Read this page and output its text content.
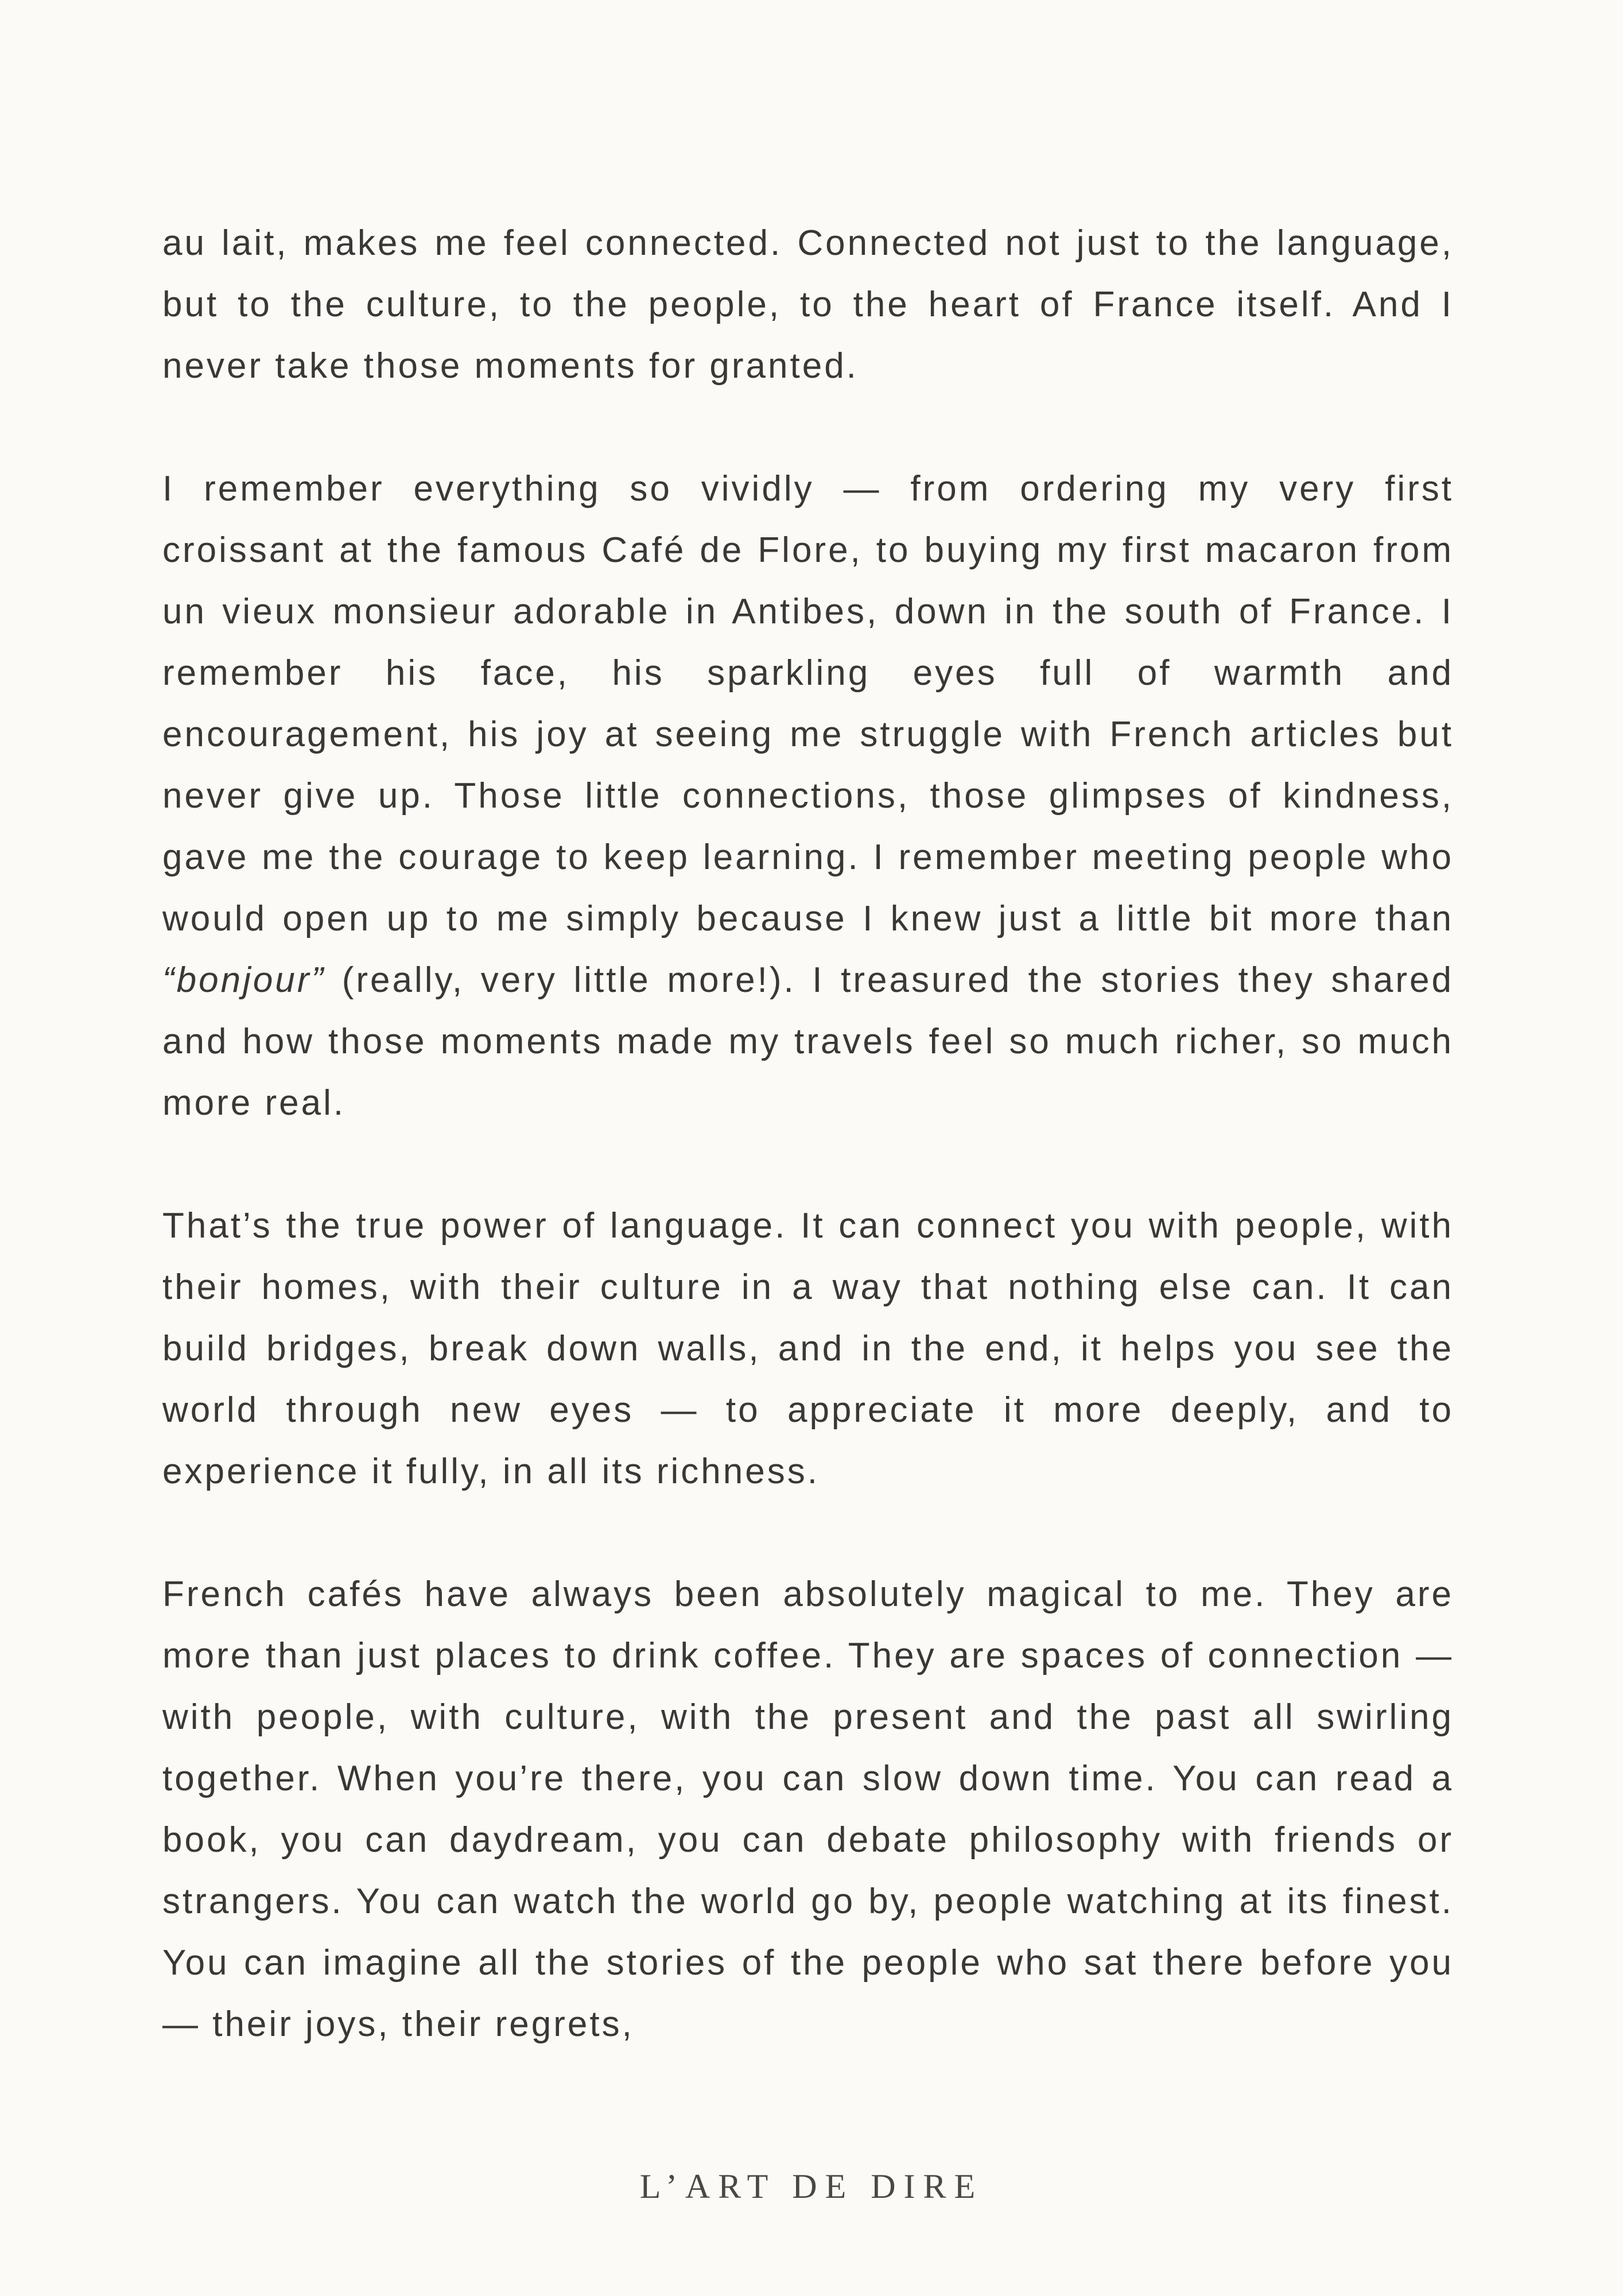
au lait, makes me feel connected. Connected not just to the language, but to the culture, to the people, to the heart of France itself. And I never take those moments for granted.

I remember everything so vividly — from ordering my very first croissant at the famous Café de Flore, to buying my first macaron from un vieux monsieur adorable in Antibes, down in the south of France. I remember his face, his sparkling eyes full of warmth and encouragement, his joy at seeing me struggle with French articles but never give up. Those little connections, those glimpses of kindness, gave me the courage to keep learning. I remember meeting people who would open up to me simply because I knew just a little bit more than “bonjour” (really, very little more!). I treasured the stories they shared and how those moments made my travels feel so much richer, so much more real.

That’s the true power of language. It can connect you with people, with their homes, with their culture in a way that nothing else can. It can build bridges, break down walls, and in the end, it helps you see the world through new eyes — to appreciate it more deeply, and to experience it fully, in all its richness.

French cafés have always been absolutely magical to me. They are more than just places to drink coffee. They are spaces of connection — with people, with culture, with the present and the past all swirling together. When you’re there, you can slow down time. You can read a book, you can daydream, you can debate philosophy with friends or strangers. You can watch the world go by, people watching at its finest. You can imagine all the stories of the people who sat there before you — their joys, their regrets,

L’ART DE DIRE
